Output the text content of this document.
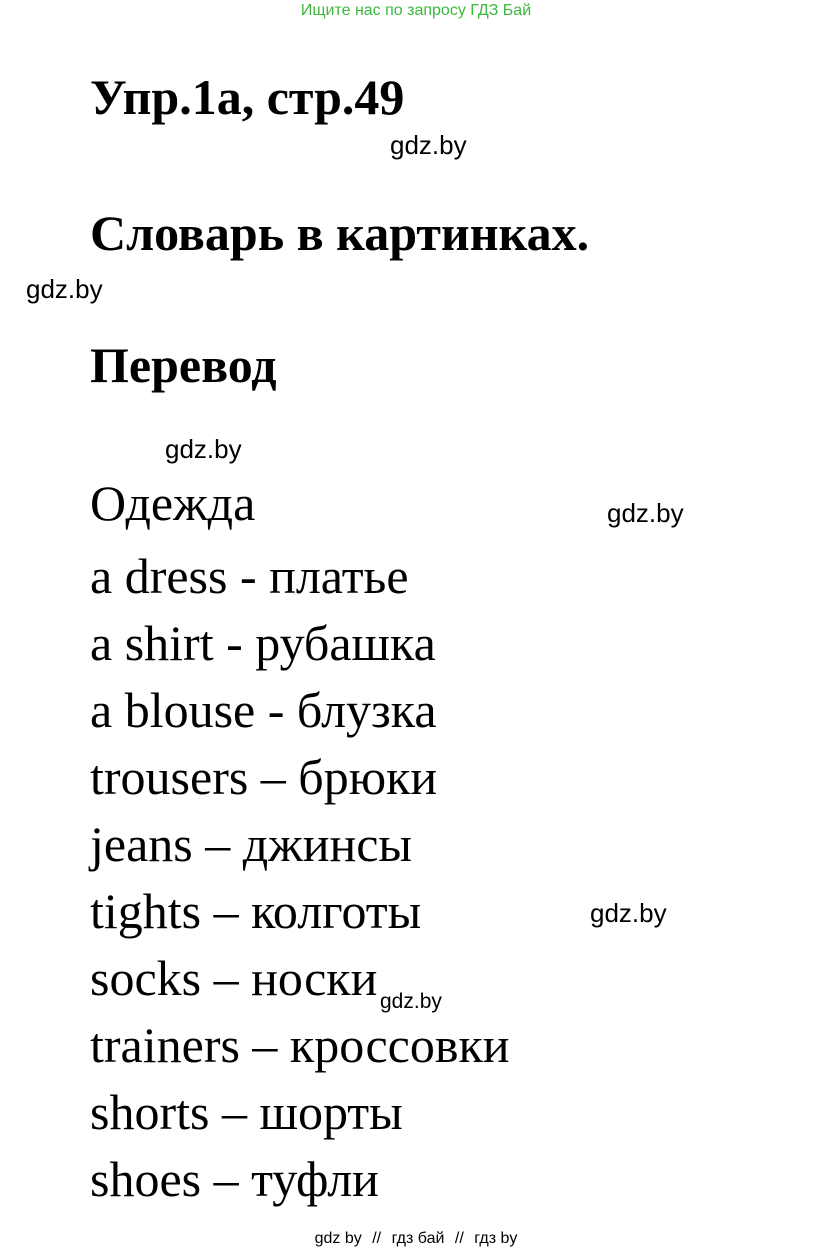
Ищите нас по запросу ГДЗ Бай
Упр.1а, стр.49
gdz.by
Словарь в картинках.
gdz.by
Перевод
gdz.by

Одежда	gdz.by
a dress - платье
a shirt - рубашка
a blouse - блузка
trousers – брюки
jeans – джинсы
tights – колготы
socks – носки
trainers – кроссовки
shorts – шорты
shoes – туфли
gdz.by
gdz.by
gdz by // гдз бай // гдз by
